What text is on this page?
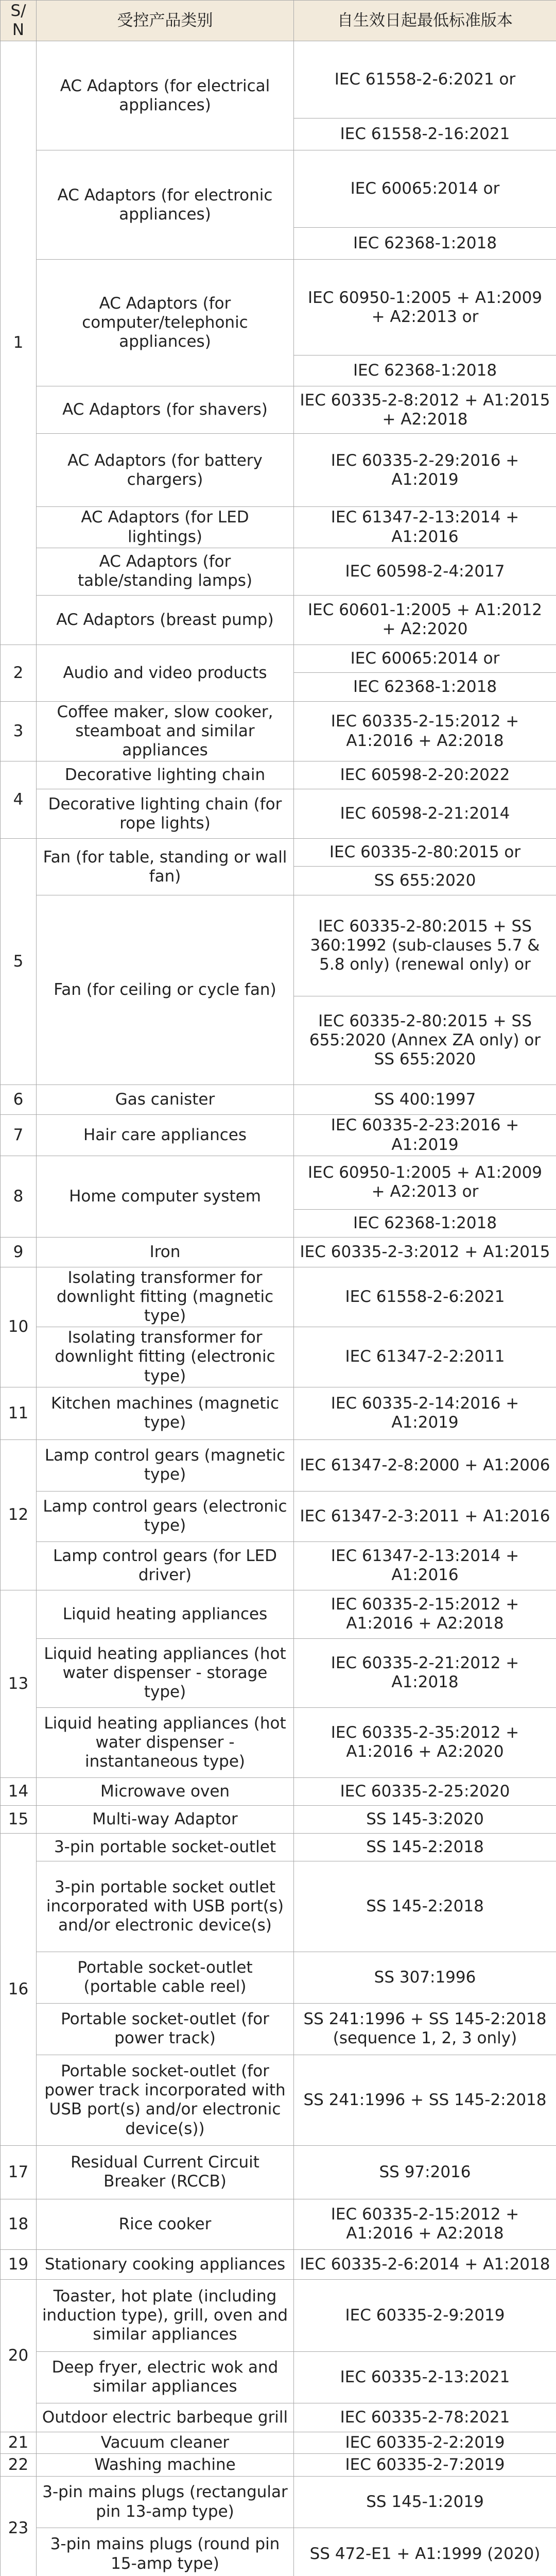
S/N	受控产品类别	自生效日起最低标准版本
1	AC Adaptors (for electrical appliances)	IEC 61558-2-6:2021 or
		IEC 61558-2-16:2021
	AC Adaptors (for electronic appliances)	IEC 60065:2014 or
		IEC 62368-1:2018
	AC Adaptors (for computer/telephonic appliances)	IEC 60950-1:2005 + A1:2009 + A2:2013 or
		IEC 62368-1:2018
	AC Adaptors (for shavers)	IEC 60335-2-8:2012 + A1:2015 + A2:2018
	AC Adaptors (for battery chargers)	IEC 60335-2-29:2016 + A1:2019
	AC Adaptors (for LED lightings)	IEC 61347-2-13:2014 + A1:2016
	AC Adaptors (for table/standing lamps)	IEC 60598-2-4:2017
	AC Adaptors (breast pump)	IEC 60601-1:2005 + A1:2012 + A2:2020
2	Audio and video products	IEC 60065:2014 or
		IEC 62368-1:2018
3	Coffee maker, slow cooker, steamboat and similar appliances	IEC 60335-2-15:2012 + A1:2016 + A2:2018
4	Decorative lighting chain	IEC 60598-2-20:2022
	Decorative lighting chain (for rope lights)	IEC 60598-2-21:2014
5	Fan (for table, standing or wall fan)	IEC 60335-2-80:2015 or
		SS 655:2020
	Fan (for ceiling or cycle fan)	IEC 60335-2-80:2015 + SS 360:1992 (sub-clauses 5.7 & 5.8 only) (renewal only) or
		IEC 60335-2-80:2015 + SS 655:2020 (Annex ZA only) or SS 655:2020
6	Gas canister	SS 400:1997
7	Hair care appliances	IEC 60335-2-23:2016 + A1:2019
8	Home computer system	IEC 60950-1:2005 + A1:2009 + A2:2013 or
		IEC 62368-1:2018
9	Iron	IEC 60335-2-3:2012 + A1:2015
10	Isolating transformer for downlight fitting (magnetic type)	IEC 61558-2-6:2021
	Isolating transformer for downlight fitting (electronic type)	IEC 61347-2-2:2011
11	Kitchen machines (magnetic type)	IEC 60335-2-14:2016 + A1:2019
12	Lamp control gears (magnetic type)	IEC 61347-2-8:2000 + A1:2006
	Lamp control gears (electronic type)	IEC 61347-2-3:2011 + A1:2016
	Lamp control gears (for LED driver)	IEC 61347-2-13:2014 + A1:2016
13	Liquid heating appliances	IEC 60335-2-15:2012 + A1:2016 + A2:2018
	Liquid heating appliances (hot water dispenser - storage type)	IEC 60335-2-21:2012 + A1:2018
	Liquid heating appliances (hot water dispenser - instantaneous type)	IEC 60335-2-35:2012 + A1:2016 + A2:2020
14	Microwave oven	IEC 60335-2-25:2020
15	Multi-way Adaptor	SS 145-3:2020
16	3-pin portable socket-outlet	SS 145-2:2018
	3-pin portable socket outlet incorporated with USB port(s) and/or electronic device(s)	SS 145-2:2018
	Portable socket-outlet (portable cable reel)	SS 307:1996
	Portable socket-outlet (for power track)	SS 241:1996 + SS 145-2:2018 (sequence 1, 2, 3 only)
	Portable socket-outlet (for power track incorporated with USB port(s) and/or electronic device(s))	SS 241:1996 + SS 145-2:2018
17	Residual Current Circuit Breaker (RCCB)	SS 97:2016
18	Rice cooker	IEC 60335-2-15:2012 + A1:2016 + A2:2018
19	Stationary cooking appliances	IEC 60335-2-6:2014 + A1:2018
20	Toaster, hot plate (including induction type), grill, oven and similar appliances	IEC 60335-2-9:2019
	Deep fryer, electric wok and similar appliances	IEC 60335-2-13:2021
	Outdoor electric barbeque grill	IEC 60335-2-78:2021
21	Vacuum cleaner	IEC 60335-2-2:2019
22	Washing machine	IEC 60335-2-7:2019
23	3-pin mains plugs (rectangular pin 13-amp type)	SS 145-1:2019
	3-pin mains plugs (round pin 15-amp type)	SS 472-E1 + A1:1999 (2020)
